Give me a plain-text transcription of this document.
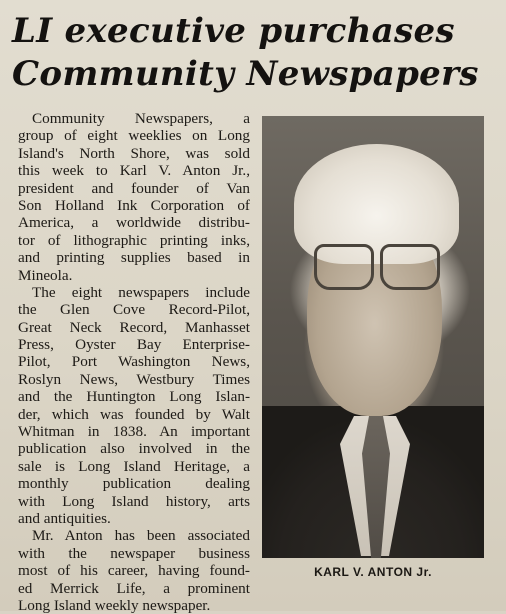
LI executive purchases
Community Newspapers
Community Newspapers, a
group of eight weeklies on Long
Island's North Shore, was sold
this week to Karl V. Anton Jr.,
president and founder of Van
Son Holland Ink Corporation of
America, a worldwide distribu-
tor of lithographic printing inks,
and printing supplies based in
Mineola.
The eight newspapers include
the Glen Cove Record-Pilot,
Great Neck Record, Manhasset
Press, Oyster Bay Enterprise-
Pilot, Port Washington News,
Roslyn News, Westbury Times
and the Huntington Long Islan-
der, which was founded by Walt
Whitman in 1838. An important
publication also involved in the
sale is Long Island Heritage, a
monthly publication dealing
with Long Island history, arts
and antiquities.
Mr. Anton has been associated
with the newspaper business
most of his career, having found-
ed Merrick Life, a prominent
Long Island weekly newspaper.
KARL V. ANTON Jr.
